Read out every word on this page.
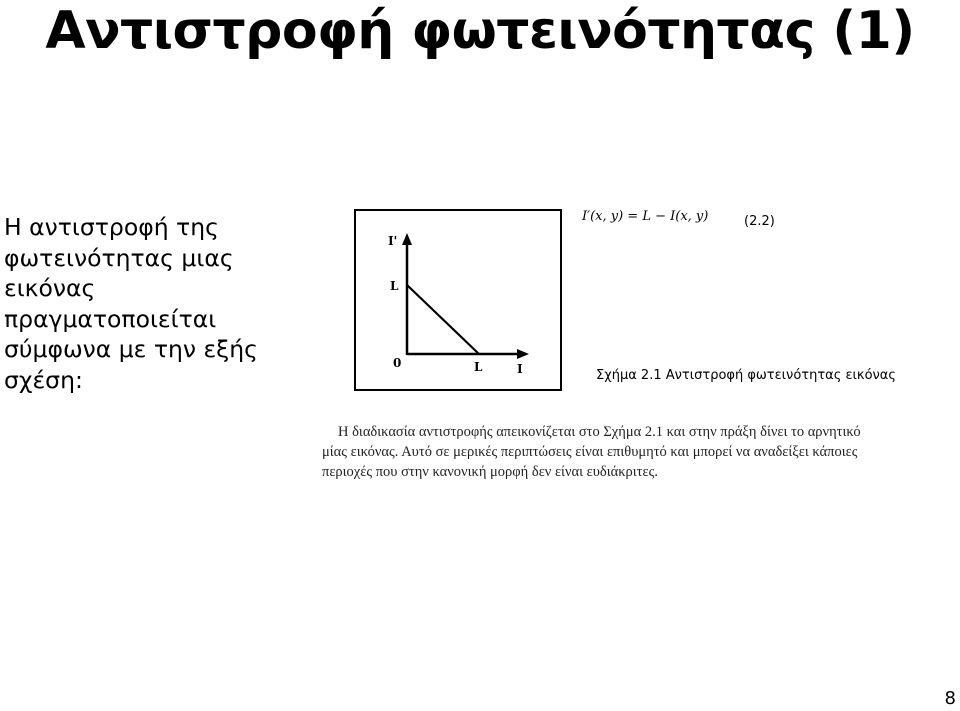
Αντιστροφή φωτεινότητας (1)
Η αντιστροφή της
φωτεινότητας μιας
εικόνας
πραγματοποιείται
σύμφωνα με την εξής
σχέση:
I'
L
0	L	I
I′(x, y) = L − I(x, y)	(2.2)
Σχήμα 2.1 Αντιστροφή φωτεινότητας εικόνας
Η διαδικασία αντιστροφής απεικονίζεται στο Σχήμα 2.1 και στην πράξη δίνει το αρνητικό
μίας εικόνας. Αυτό σε μερικές περιπτώσεις είναι επιθυμητό και μπορεί να αναδείξει κάποιες
περιοχές που στην κανονική μορφή δεν είναι ευδιάκριτες.
8
